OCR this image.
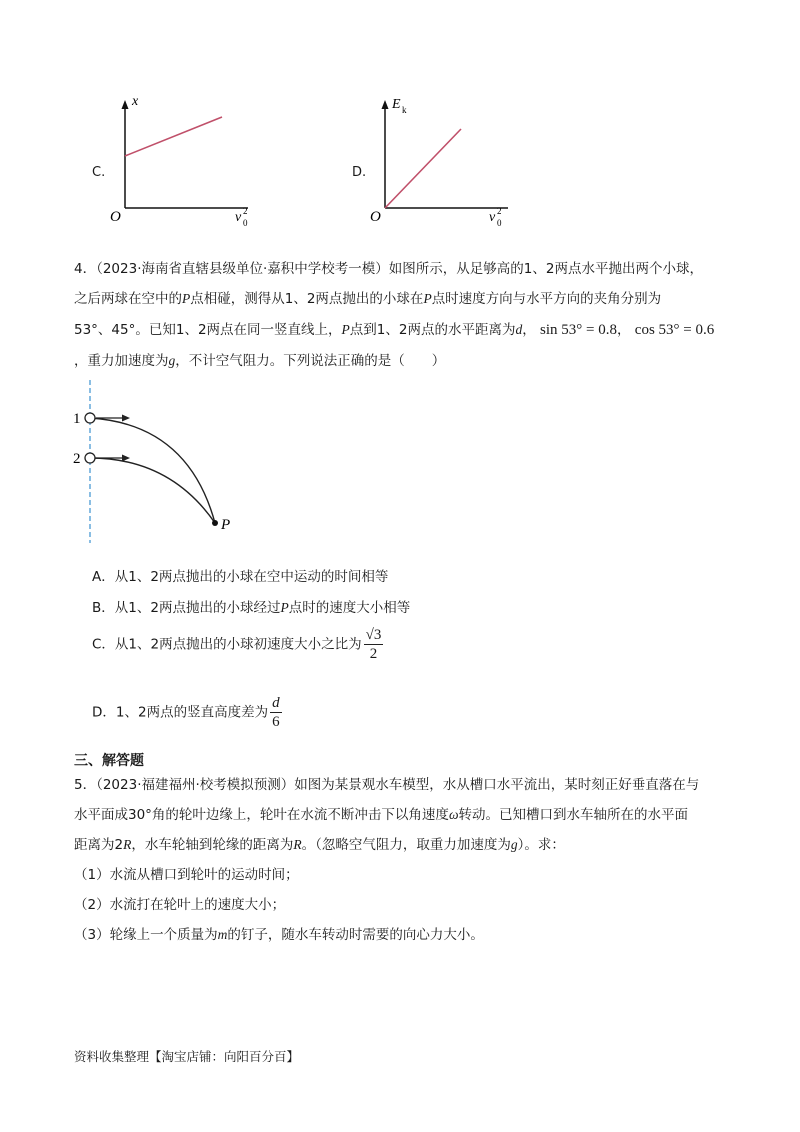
C.
x
O	v 2
0
D.
E k
O	v 2
0
4．（2023·海南省直辖县级单位·嘉积中学校考一模）如图所示，从足够高的1、2两点水平抛出两个小球，
之后两球在空中的P点相碰，测得从1、2两点抛出的小球在P点时速度方向与水平方向的夹角分别为
53°、45°。已知1、2两点在同一竖直线上，P点到1、2两点的水平距离为d， sin 53° = 0.8， cos 53° = 0.6
，重力加速度为g，不计空气阻力。下列说法正确的是（　　）
1
2
P
A．从1、2两点抛出的小球在空中运动的时间相等
B．从1、2两点抛出的小球经过P点时的速度大小相等
C．从1、2两点抛出的小球初速度大小之比为 $\frac{√3}{2}$
D．1、2两点的竖直高度差为 $\frac{d}{6}$
三、解答题
5．（2023·福建福州·校考模拟预测）如图为某景观水车模型，水从槽口水平流出，某时刻正好垂直落在与
水平面成30°角的轮叶边缘上，轮叶在水流不断冲击下以角速度ω转动。已知槽口到水车轴所在的水平面
距离为2R，水车轮轴到轮缘的距离为R。（忽略空气阻力，取重力加速度为g）。求：
（1）水流从槽口到轮叶的运动时间；
（2）水流打在轮叶上的速度大小；
（3）轮缘上一个质量为m的钉子，随水车转动时需要的向心力大小。
资料收集整理【淘宝店铺：向阳百分百】
